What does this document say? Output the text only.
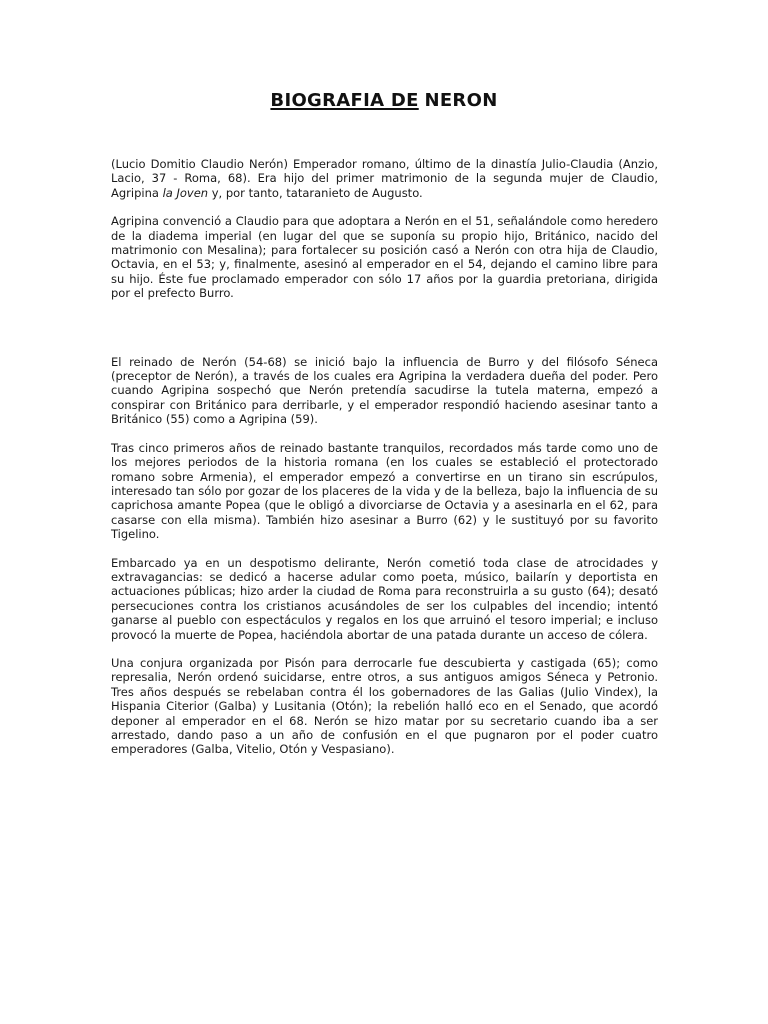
BIOGRAFIA DE NERON

(Lucio Domitio Claudio Nerón) Emperador romano, último de la dinastía Julio-Claudia (Anzio, Lacio, 37 - Roma, 68). Era hijo del primer matrimonio de la segunda mujer de Claudio, Agripina la Joven y, por tanto, tataranieto de Augusto.

Agripina convenció a Claudio para que adoptara a Nerón en el 51, señalándole como heredero de la diadema imperial (en lugar del que se suponía su propio hijo, Británico, nacido del matrimonio con Mesalina); para fortalecer su posición casó a Nerón con otra hija de Claudio, Octavia, en el 53; y, finalmente, asesinó al emperador en el 54, dejando el camino libre para su hijo. Éste fue proclamado emperador con sólo 17 años por la guardia pretoriana, dirigida por el prefecto Burro.

El reinado de Nerón (54-68) se inició bajo la influencia de Burro y del filósofo Séneca (preceptor de Nerón), a través de los cuales era Agripina la verdadera dueña del poder. Pero cuando Agripina sospechó que Nerón pretendía sacudirse la tutela materna, empezó a conspirar con Británico para derribarle, y el emperador respondió haciendo asesinar tanto a Británico (55) como a Agripina (59).

Tras cinco primeros años de reinado bastante tranquilos, recordados más tarde como uno de los mejores periodos de la historia romana (en los cuales se estableció el protectorado romano sobre Armenia), el emperador empezó a convertirse en un tirano sin escrúpulos, interesado tan sólo por gozar de los placeres de la vida y de la belleza, bajo la influencia de su caprichosa amante Popea (que le obligó a divorciarse de Octavia y a asesinarla en el 62, para casarse con ella misma). También hizo asesinar a Burro (62) y le sustituyó por su favorito Tigelino.

Embarcado ya en un despotismo delirante, Nerón cometió toda clase de atrocidades y extravagancias: se dedicó a hacerse adular como poeta, músico, bailarín y deportista en actuaciones públicas; hizo arder la ciudad de Roma para reconstruirla a su gusto (64); desató persecuciones contra los cristianos acusándoles de ser los culpables del incendio; intentó ganarse al pueblo con espectáculos y regalos en los que arruinó el tesoro imperial; e incluso provocó la muerte de Popea, haciéndola abortar de una patada durante un acceso de cólera.

Una conjura organizada por Pisón para derrocarle fue descubierta y castigada (65); como represalia, Nerón ordenó suicidarse, entre otros, a sus antiguos amigos Séneca y Petronio. Tres años después se rebelaban contra él los gobernadores de las Galias (Julio Vindex), la Hispania Citerior (Galba) y Lusitania (Otón); la rebelión halló eco en el Senado, que acordó deponer al emperador en el 68. Nerón se hizo matar por su secretario cuando iba a ser arrestado, dando paso a un año de confusión en el que pugnaron por el poder cuatro emperadores (Galba, Vitelio, Otón y Vespasiano).
